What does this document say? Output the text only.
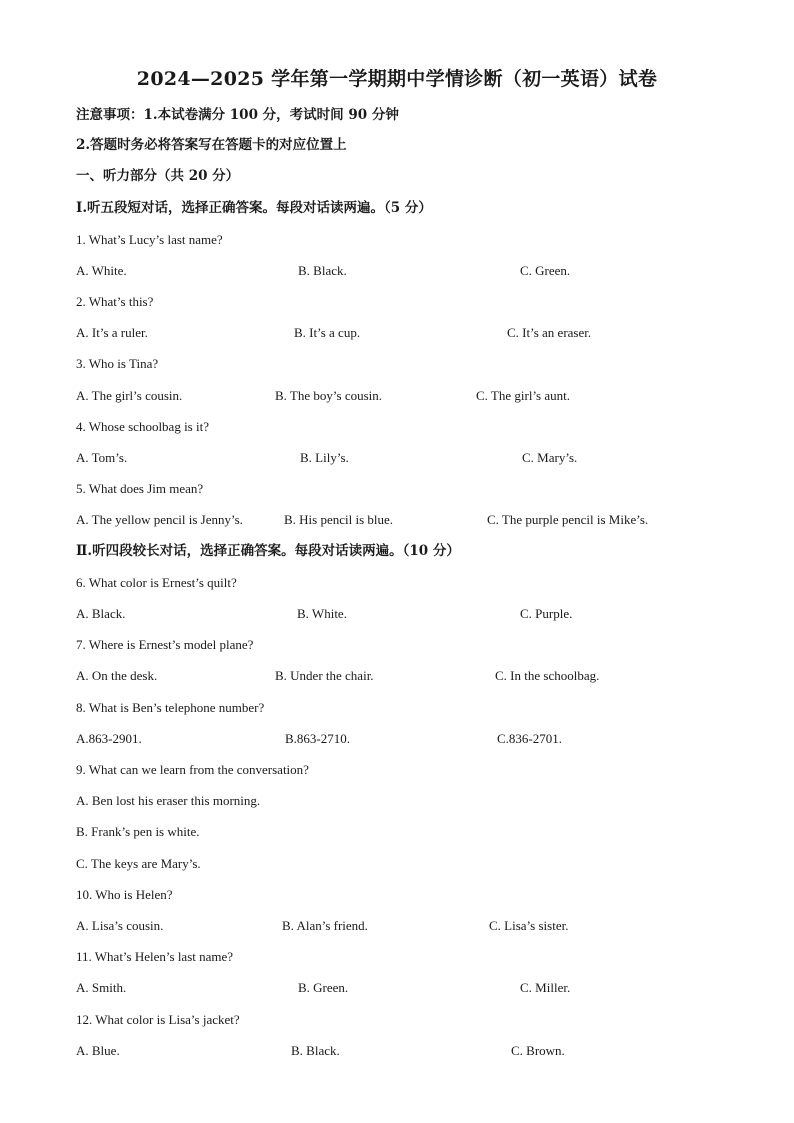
2024—2025 学年第一学期期中学情诊断（初一英语）试卷
注意事项：1.本试卷满分 100 分，考试时间 90 分钟
2.答题时务必将答案写在答题卡的对应位置上
一、听力部分（共 20 分）
I.听五段短对话，选择正确答案。每段对话读两遍。（5 分）
1. What’s Lucy’s last name?
A. White.	B. Black.	C. Green.
2. What’s this?
A. It’s a ruler.	B. It’s a cup.	C. It’s an eraser.
3. Who is Tina?
A. The girl’s cousin.	B. The boy’s cousin.	C. The girl’s aunt.
4. Whose schoolbag is it?
A. Tom’s.	B. Lily’s.	C. Mary’s.
5. What does Jim mean?
A. The yellow pencil is Jenny’s.	B. His pencil is blue.	C. The purple pencil is Mike’s.
Ⅱ.听四段较长对话，选择正确答案。每段对话读两遍。（10 分）
6. What color is Ernest’s quilt?
A. Black.	B. White.	C. Purple.
7. Where is Ernest’s model plane?
A. On the desk.	B. Under the chair.	C. In the schoolbag.
8. What is Ben’s telephone number?
A.863-2901.	B.863-2710.	C.836-2701.
9. What can we learn from the conversation?
A. Ben lost his eraser this morning.
B. Frank’s pen is white.
C. The keys are Mary’s.
10. Who is Helen?
A. Lisa’s cousin.	B. Alan’s friend.	C. Lisa’s sister.
11. What’s Helen’s last name?
A. Smith.	B. Green.	C. Miller.
12. What color is Lisa’s jacket?
A. Blue.	B. Black.	C. Brown.
